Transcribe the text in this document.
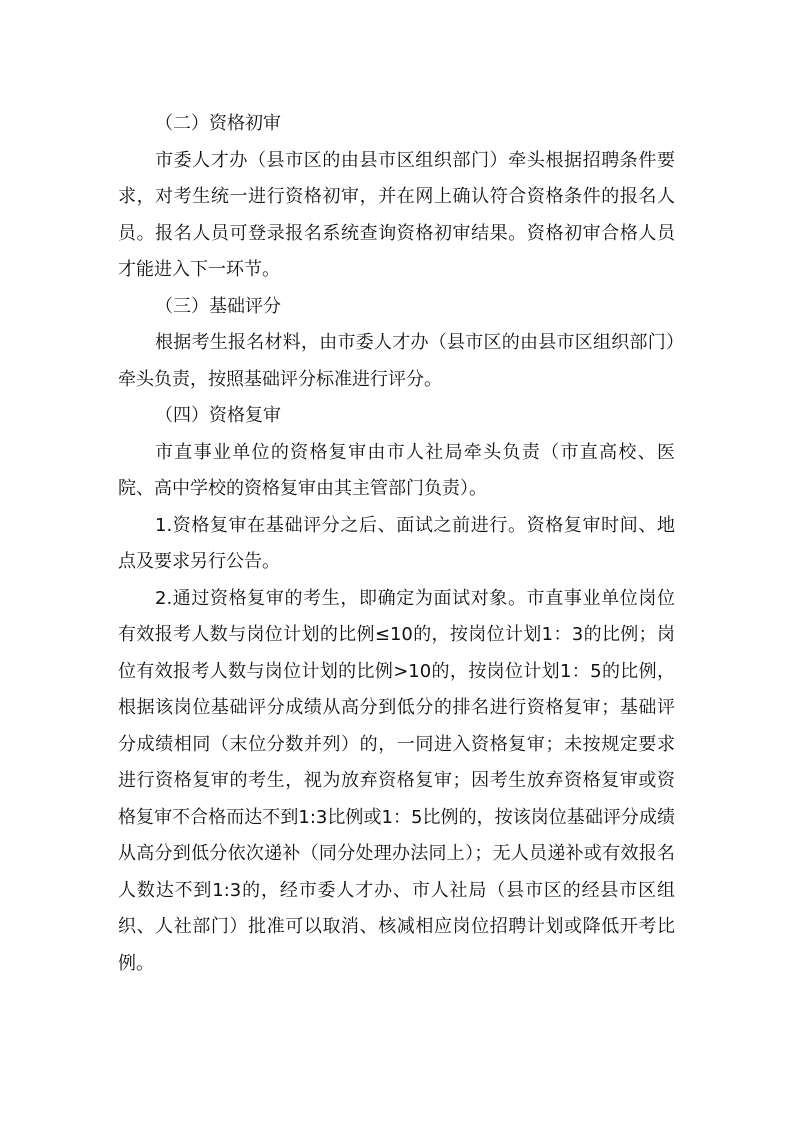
（二）资格初审

市委人才办（县市区的由县市区组织部门）牵头根据招聘条件要求，对考生统一进行资格初审，并在网上确认符合资格条件的报名人员。报名人员可登录报名系统查询资格初审结果。资格初审合格人员才能进入下一环节。

（三）基础评分

根据考生报名材料，由市委人才办（县市区的由县市区组织部门）牵头负责，按照基础评分标准进行评分。

（四）资格复审

市直事业单位的资格复审由市人社局牵头负责（市直高校、医院、高中学校的资格复审由其主管部门负责）。

1.资格复审在基础评分之后、面试之前进行。资格复审时间、地点及要求另行公告。

2.通过资格复审的考生，即确定为面试对象。市直事业单位岗位有效报考人数与岗位计划的比例≤10的，按岗位计划1：3的比例；岗位有效报考人数与岗位计划的比例>10的，按岗位计划1：5的比例，根据该岗位基础评分成绩从高分到低分的排名进行资格复审；基础评分成绩相同（末位分数并列）的，一同进入资格复审；未按规定要求进行资格复审的考生，视为放弃资格复审；因考生放弃资格复审或资格复审不合格而达不到1:3比例或1：5比例的，按该岗位基础评分成绩从高分到低分依次递补（同分处理办法同上）；无人员递补或有效报名人数达不到1:3的，经市委人才办、市人社局（县市区的经县市区组织、人社部门）批准可以取消、核减相应岗位招聘计划或降低开考比例。
